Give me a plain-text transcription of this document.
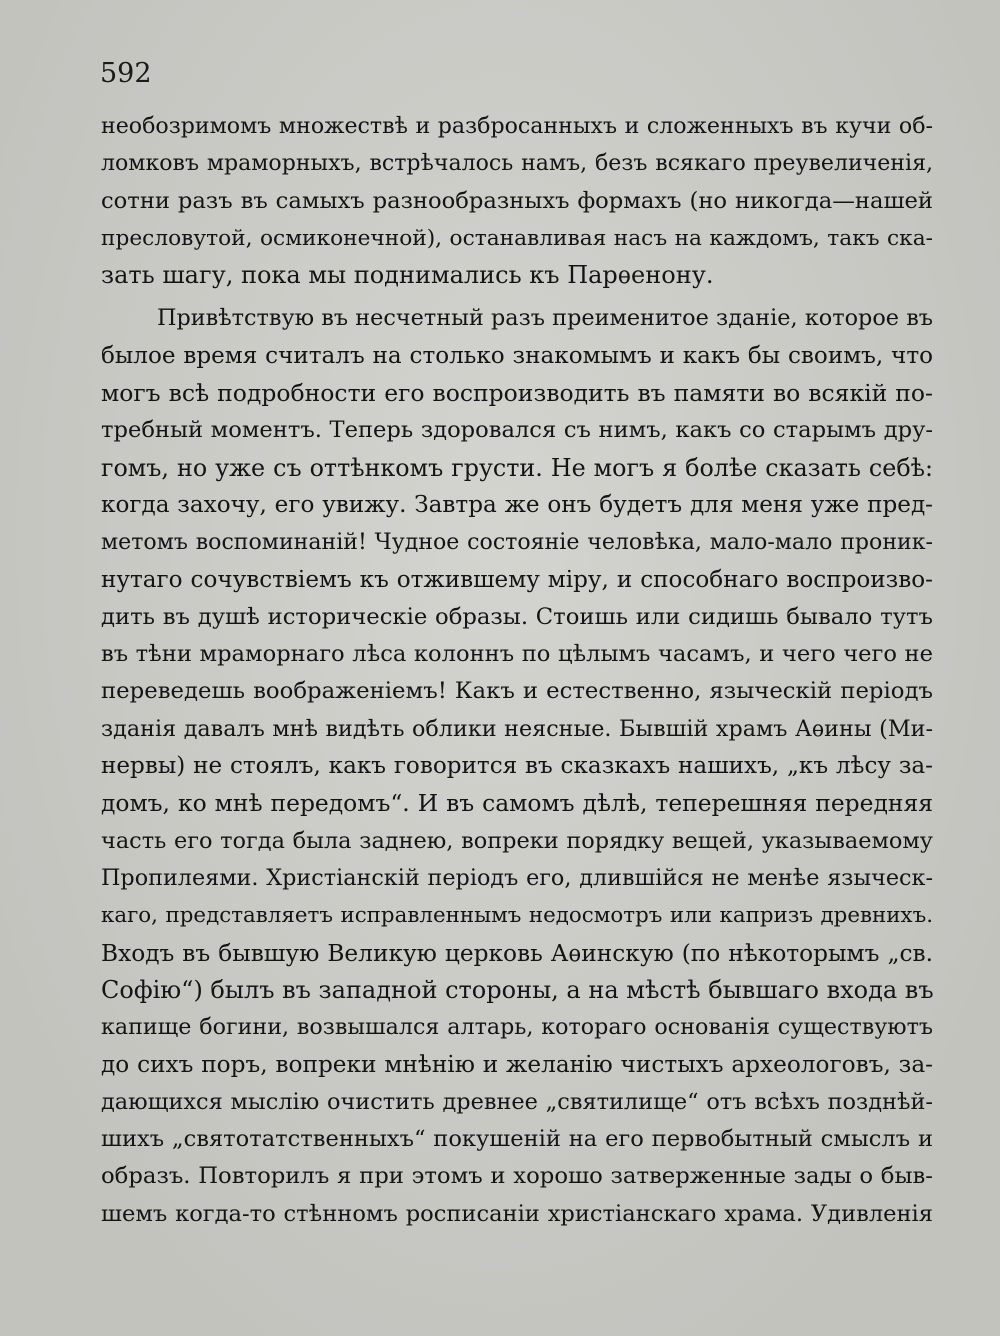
592
необозримомъ множествѣ и разбросанныхъ и сложенныхъ въ кучи об-
ломковъ мраморныхъ, встрѣчалось намъ, безъ всякаго преувеличенія,
сотни разъ въ самыхъ разнообразныхъ формахъ (но никогда—нашей
пресловутой, осмиконечной), останавливая насъ на каждомъ, такъ ска-
зать шагу, пока мы поднимались къ Парѳенону.
Привѣтствую въ несчетный разъ преименитое зданіе, которое въ
былое время считалъ на столько знакомымъ и какъ бы своимъ, что
могъ всѣ подробности его воспроизводить въ памяти во всякій по-
требный моментъ. Теперь здоровался съ нимъ, какъ со старымъ дру-
гомъ, но уже съ оттѣнкомъ грусти. Не могъ я болѣе сказать себѣ:
когда захочу, его увижу. Завтра же онъ будетъ для меня уже пред-
метомъ воспоминаній! Чудное состояніе человѣка, мало-мало проник-
нутаго сочувствіемъ къ отжившему міру, и способнаго воспроизво-
дить въ душѣ историческіе образы. Стоишь или сидишь бывало тутъ
въ тѣни мраморнаго лѣса колоннъ по цѣлымъ часамъ, и чего чего не
переведешь воображеніемъ! Какъ и естественно, языческій періодъ
зданія давалъ мнѣ видѣть облики неясные. Бывшій храмъ Аѳины (Ми-
нервы) не стоялъ, какъ говорится въ сказкахъ нашихъ, „къ лѣсу за-
домъ, ко мнѣ передомъ“. И въ самомъ дѣлѣ, теперешняя передняя
часть его тогда была заднею, вопреки порядку вещей, указываемому
Пропилеями. Христіанскій періодъ его, длившійся не менѣе языческ-
каго, представляетъ исправленнымъ недосмотръ или капризъ древнихъ.
Входъ въ бывшую Великую церковь Аѳинскую (по нѣкоторымъ „св.
Софію“) былъ въ западной стороны, а на мѣстѣ бывшаго входа въ
капище богини, возвышался алтарь, котораго основанія существуютъ
до сихъ поръ, вопреки мнѣнію и желанію чистыхъ археологовъ, за-
дающихся мыслію очистить древнее „святилище“ отъ всѣхъ позднѣй-
шихъ „святотатственныхъ“ покушеній на его первобытный смыслъ и
образъ. Повторилъ я при этомъ и хорошо затверженные зады о быв-
шемъ когда-то стѣнномъ росписаніи христіанскаго храма. Удивленія
